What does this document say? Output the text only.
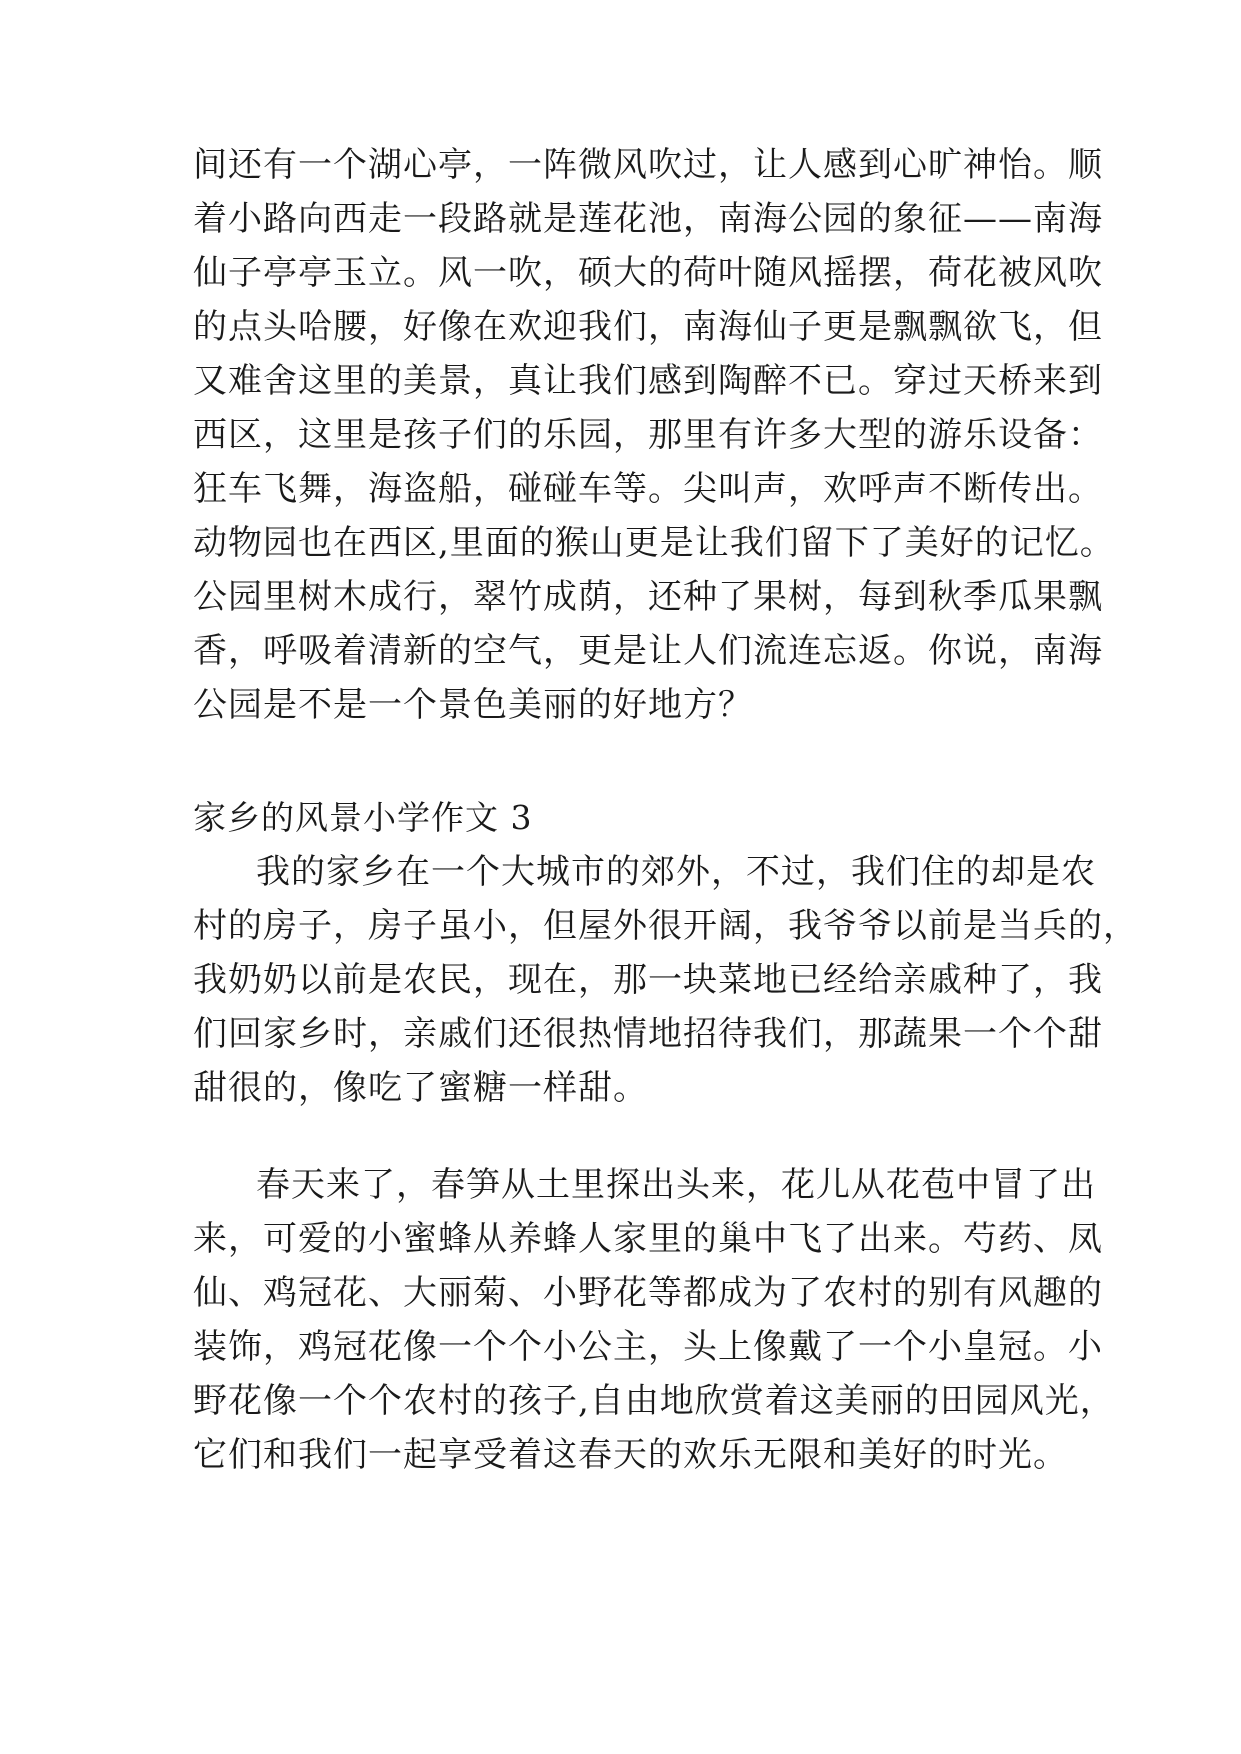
间还有一个湖心亭，一阵微风吹过，让人感到心旷神怡。顺
着小路向西走一段路就是莲花池，南海公园的象征——南海
仙子亭亭玉立。风一吹，硕大的荷叶随风摇摆，荷花被风吹
的点头哈腰，好像在欢迎我们，南海仙子更是飘飘欲飞，但
又难舍这里的美景，真让我们感到陶醉不已。穿过天桥来到
西区，这里是孩子们的乐园，那里有许多大型的游乐设备：
狂车飞舞，海盗船，碰碰车等。尖叫声，欢呼声不断传出。
动物园也在西区,里面的猴山更是让我们留下了美好的记忆。
公园里树木成行，翠竹成荫，还种了果树，每到秋季瓜果飘
香，呼吸着清新的空气，更是让人们流连忘返。你说，南海
公园是不是一个景色美丽的好地方？
家乡的风景小学作文 3
我的家乡在一个大城市的郊外，不过，我们住的却是农
村的房子，房子虽小，但屋外很开阔，我爷爷以前是当兵的，
我奶奶以前是农民，现在，那一块菜地已经给亲戚种了，我
们回家乡时，亲戚们还很热情地招待我们，那蔬果一个个甜
甜很的，像吃了蜜糖一样甜。
春天来了，春笋从土里探出头来，花儿从花苞中冒了出
来，可爱的小蜜蜂从养蜂人家里的巢中飞了出来。芍药、凤
仙、鸡冠花、大丽菊、小野花等都成为了农村的别有风趣的
装饰，鸡冠花像一个个小公主，头上像戴了一个小皇冠。小
野花像一个个农村的孩子,自由地欣赏着这美丽的田园风光，
它们和我们一起享受着这春天的欢乐无限和美好的时光。
